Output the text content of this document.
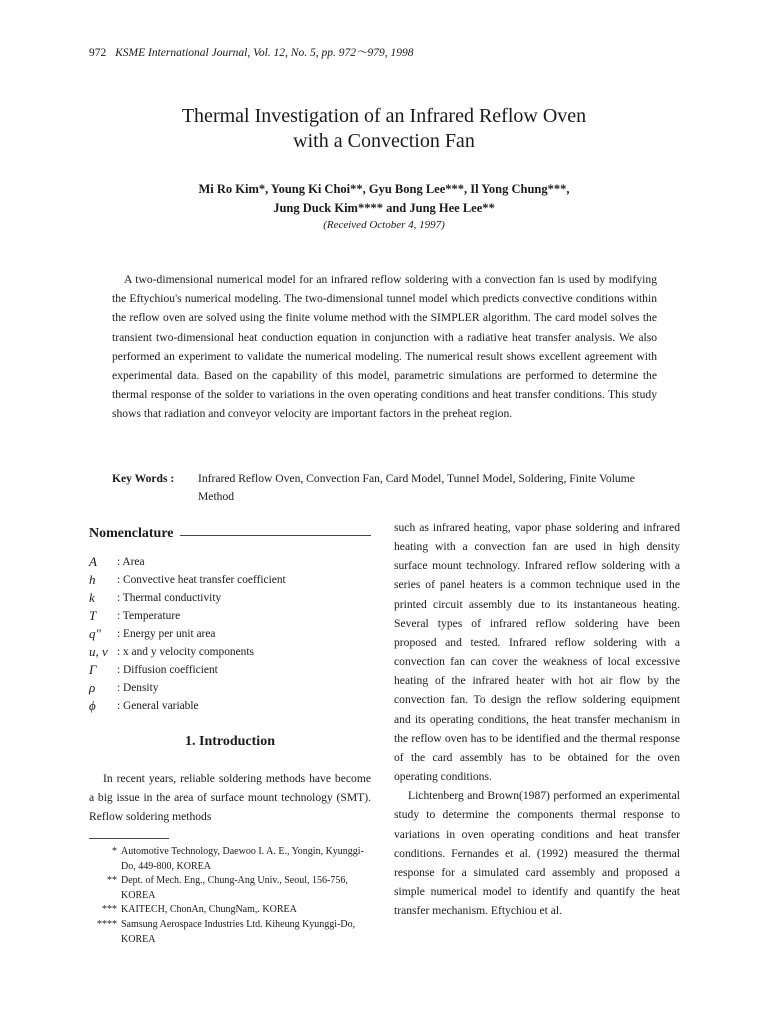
972 KSME International Journal, Vol. 12, No. 5, pp. 972～979, 1998
Thermal Investigation of an Infrared Reflow Oven
with a Convection Fan
Mi Ro Kim*, Young Ki Choi**, Gyu Bong Lee***, Il Yong Chung***,
Jung Duck Kim**** and Jung Hee Lee**
(Received October 4, 1997)

A two-dimensional numerical model for an infrared reflow soldering with a convection fan is used by modifying the Eftychiou's numerical modeling. The two-dimensional tunnel model which predicts convective conditions within the reflow oven are solved using the finite volume method with the SIMPLER algorithm. The card model solves the transient two-dimensional heat conduction equation in conjunction with a radiative heat transfer analysis. We also performed an experiment to validate the numerical modeling. The numerical result shows excellent agreement with experimental data. Based on the capability of this model, parametric simulations are performed to determine the thermal response of the solder to variations in the oven operating conditions and heat transfer conditions. This study shows that radiation and conveyor velocity are important factors in the preheat region.

Key Words : Infrared Reflow Oven, Convection Fan, Card Model, Tunnel Model, Soldering, Finite Volume Method
Nomenclature
A	: Area
h	: Convective heat transfer coefficient
k	: Thermal conductivity
T	: Temperature
q"	: Energy per unit area
u, v : x and y velocity components
Γ	: Diffusion coefficient
ρ	: Density
ϕ	: General variable
1. Introduction

In recent years, reliable soldering methods have become a big issue in the area of surface mount technology (SMT). Reflow soldering methods

* Automotive Technology, Daewoo I. A. E., Yongin, Kyunggi-Do, 449-800, KOREA
** Dept. of Mech. Eng., Chung-Ang Univ., Seoul, 156-756, KOREA
*** KAITECH, ChonAn, ChungNam,. KOREA
**** Samsung Aerospace Industries Ltd. Kiheung Kyunggi-Do, KOREA

such as infrared heating, vapor phase soldering and infrared heating with a convection fan are used in high density surface mount technology. Infrared reflow soldering with a series of panel heaters is a common technique used in the printed circuit assembly due to its instantaneous heating. Several types of infrared reflow soldering have been proposed and tested. Infrared reflow soldering with a convection fan can cover the weakness of local excessive heating of the infrared heater with hot air flow by the convection fan. To design the reflow soldering equipment and its operating conditions, the heat transfer mechanism in the reflow oven has to be identified and the thermal response of the card assembly has to be obtained for the oven operating conditions.

Lichtenberg and Brown(1987) performed an experimental study to determine the components thermal response to variations in oven operating conditions and heat transfer conditions. Fernandes et al. (1992) measured the thermal response for a simulated card assembly and proposed a simple numerical model to identify and quantify the heat transfer mechanism. Eftychiou et al.
